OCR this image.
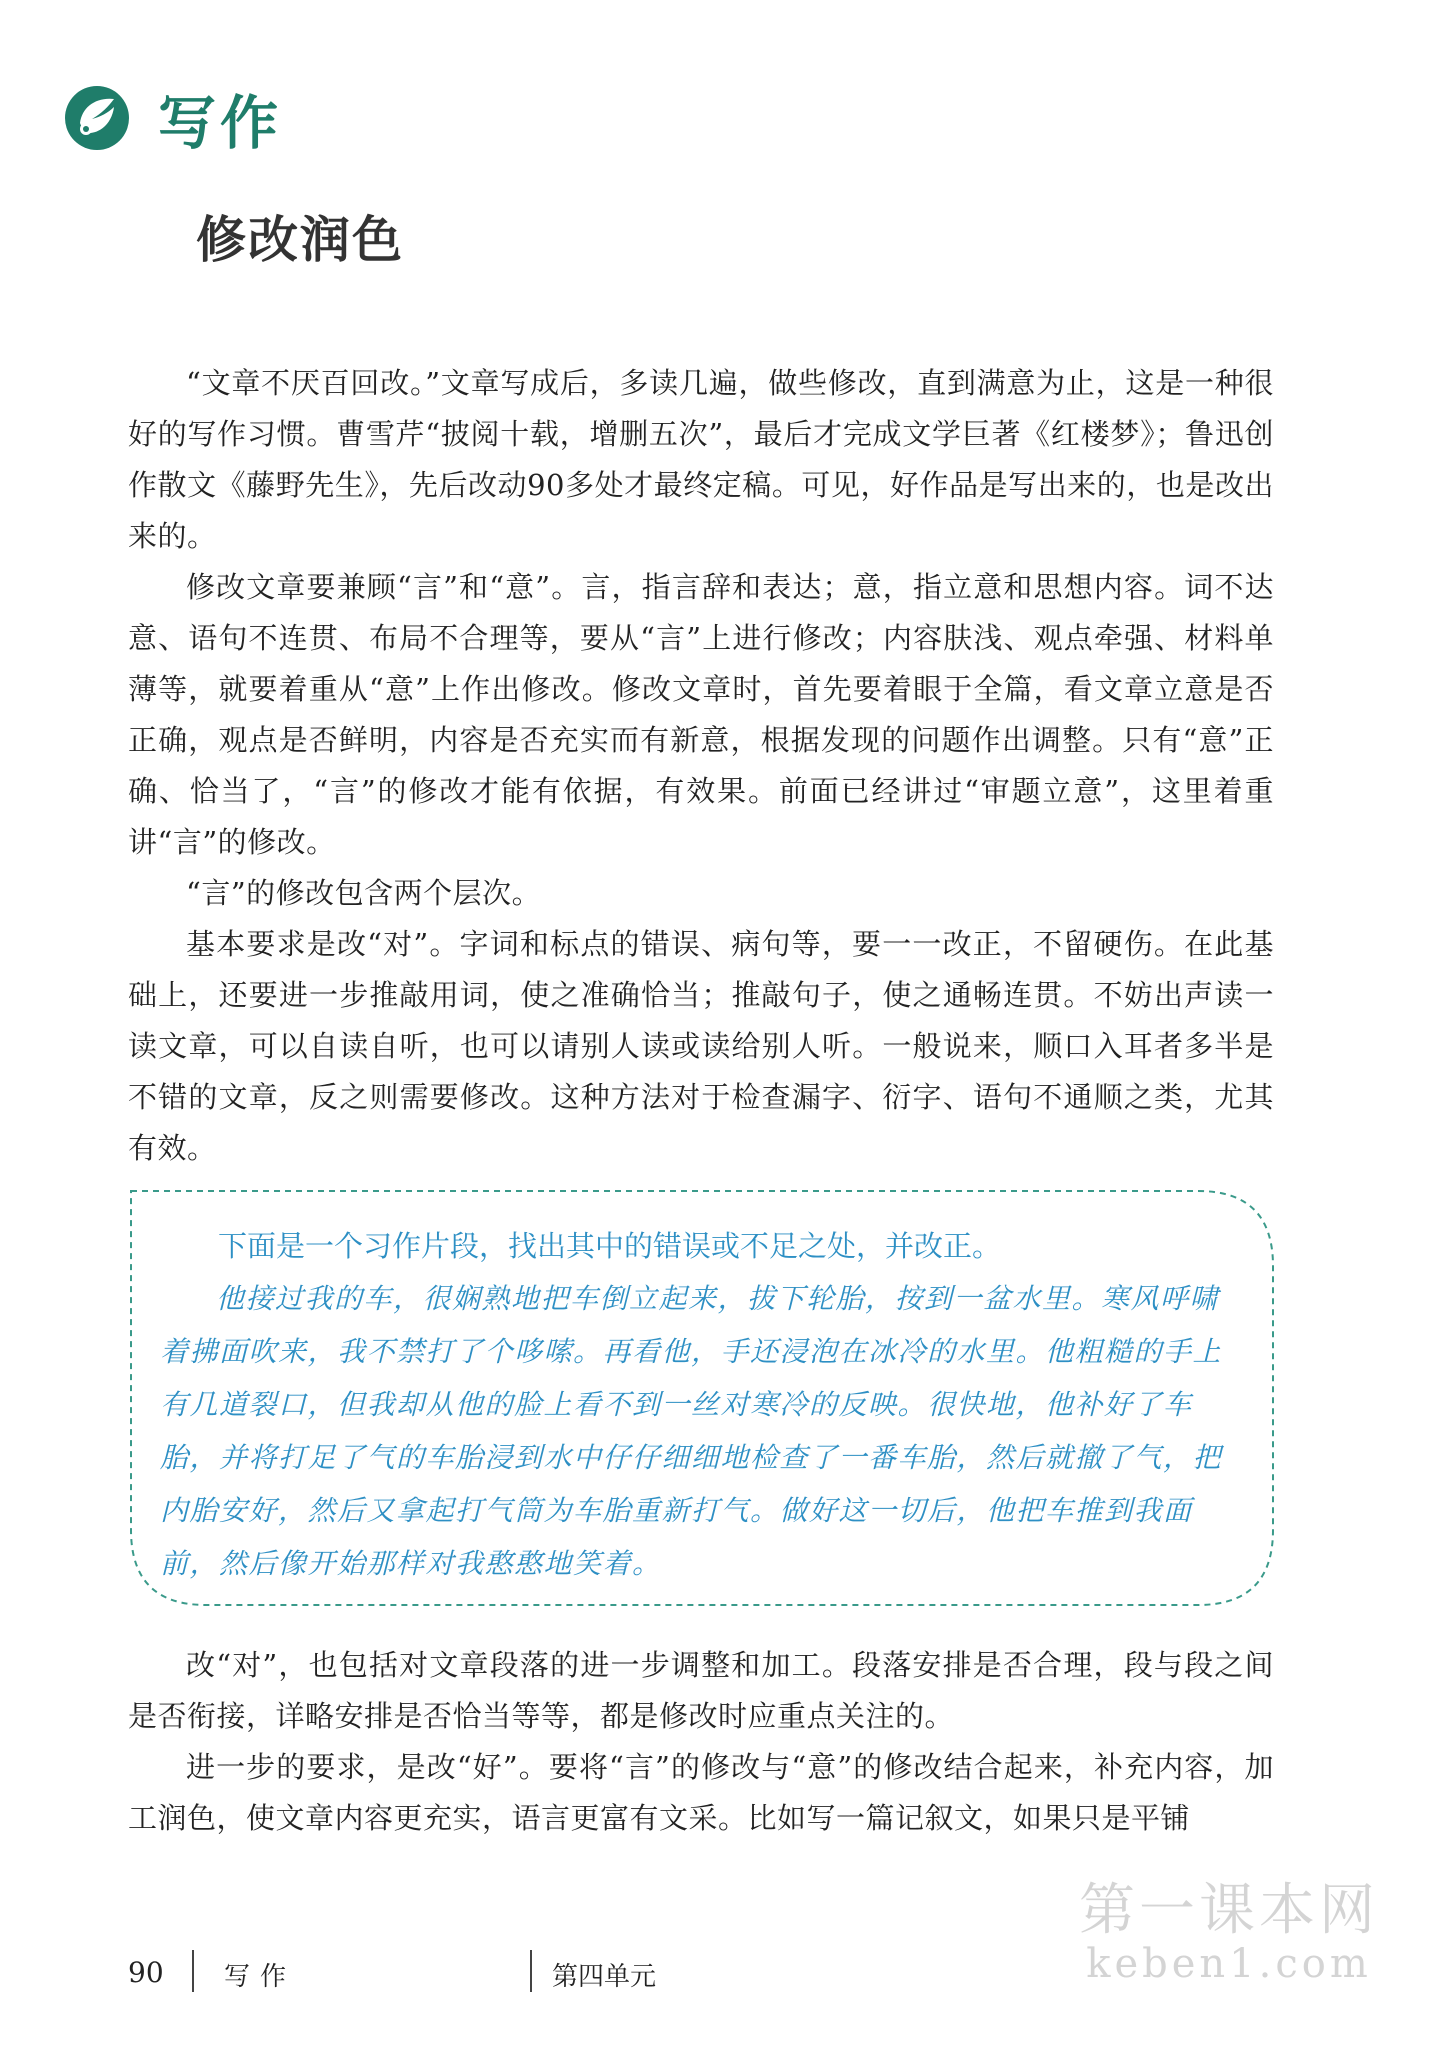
写作
修改润色

“文章不厌百回改。”文章写成后，多读几遍，做些修改，直到满意为止，这是一种很好的写作习惯。曹雪芹“披阅十载，增删五次”，最后才完成文学巨著《红楼梦》；鲁迅创作散文《藤野先生》，先后改动90多处才最终定稿。可见，好作品是写出来的，也是改出来的。

修改文章要兼顾“言”和“意”。言，指言辞和表达；意，指立意和思想内容。词不达意、语句不连贯、布局不合理等，要从“言”上进行修改；内容肤浅、观点牵强、材料单薄等，就要着重从“意”上作出修改。修改文章时，首先要着眼于全篇，看文章立意是否正确，观点是否鲜明，内容是否充实而有新意，根据发现的问题作出调整。只有“意”正确、恰当了，“言”的修改才能有依据，有效果。前面已经讲过“审题立意”，这里着重讲“言”的修改。

“言”的修改包含两个层次。

基本要求是改“对”。字词和标点的错误、病句等，要一一改正，不留硬伤。在此基础上，还要进一步推敲用词，使之准确恰当；推敲句子，使之通畅连贯。不妨出声读一读文章，可以自读自听，也可以请别人读或读给别人听。一般说来，顺口入耳者多半是不错的文章，反之则需要修改。这种方法对于检查漏字、衍字、语句不通顺之类，尤其有效。

下面是一个习作片段，找出其中的错误或不足之处，并改正。

他接过我的车，很娴熟地把车倒立起来，拔下轮胎，按到一盆水里。寒风呼啸着拂面吹来，我不禁打了个哆嗦。再看他，手还浸泡在冰冷的水里。他粗糙的手上有几道裂口，但我却从他的脸上看不到一丝对寒冷的反映。很快地，他补好了车胎，并将打足了气的车胎浸到水中仔仔细细地检查了一番车胎，然后就撤了气，把内胎安好，然后又拿起打气筒为车胎重新打气。做好这一切后，他把车推到我面前，然后像开始那样对我憨憨地笑着。

改“对”，也包括对文章段落的进一步调整和加工。段落安排是否合理，段与段之间是否衔接，详略安排是否恰当等等，都是修改时应重点关注的。

进一步的要求，是改“好”。要将“言”的修改与“意”的修改结合起来，补充内容，加工润色，使文章内容更充实，语言更富有文采。比如写一篇记叙文，如果只是平铺

90 写作	第四单元
第一课本网
keben1.com
